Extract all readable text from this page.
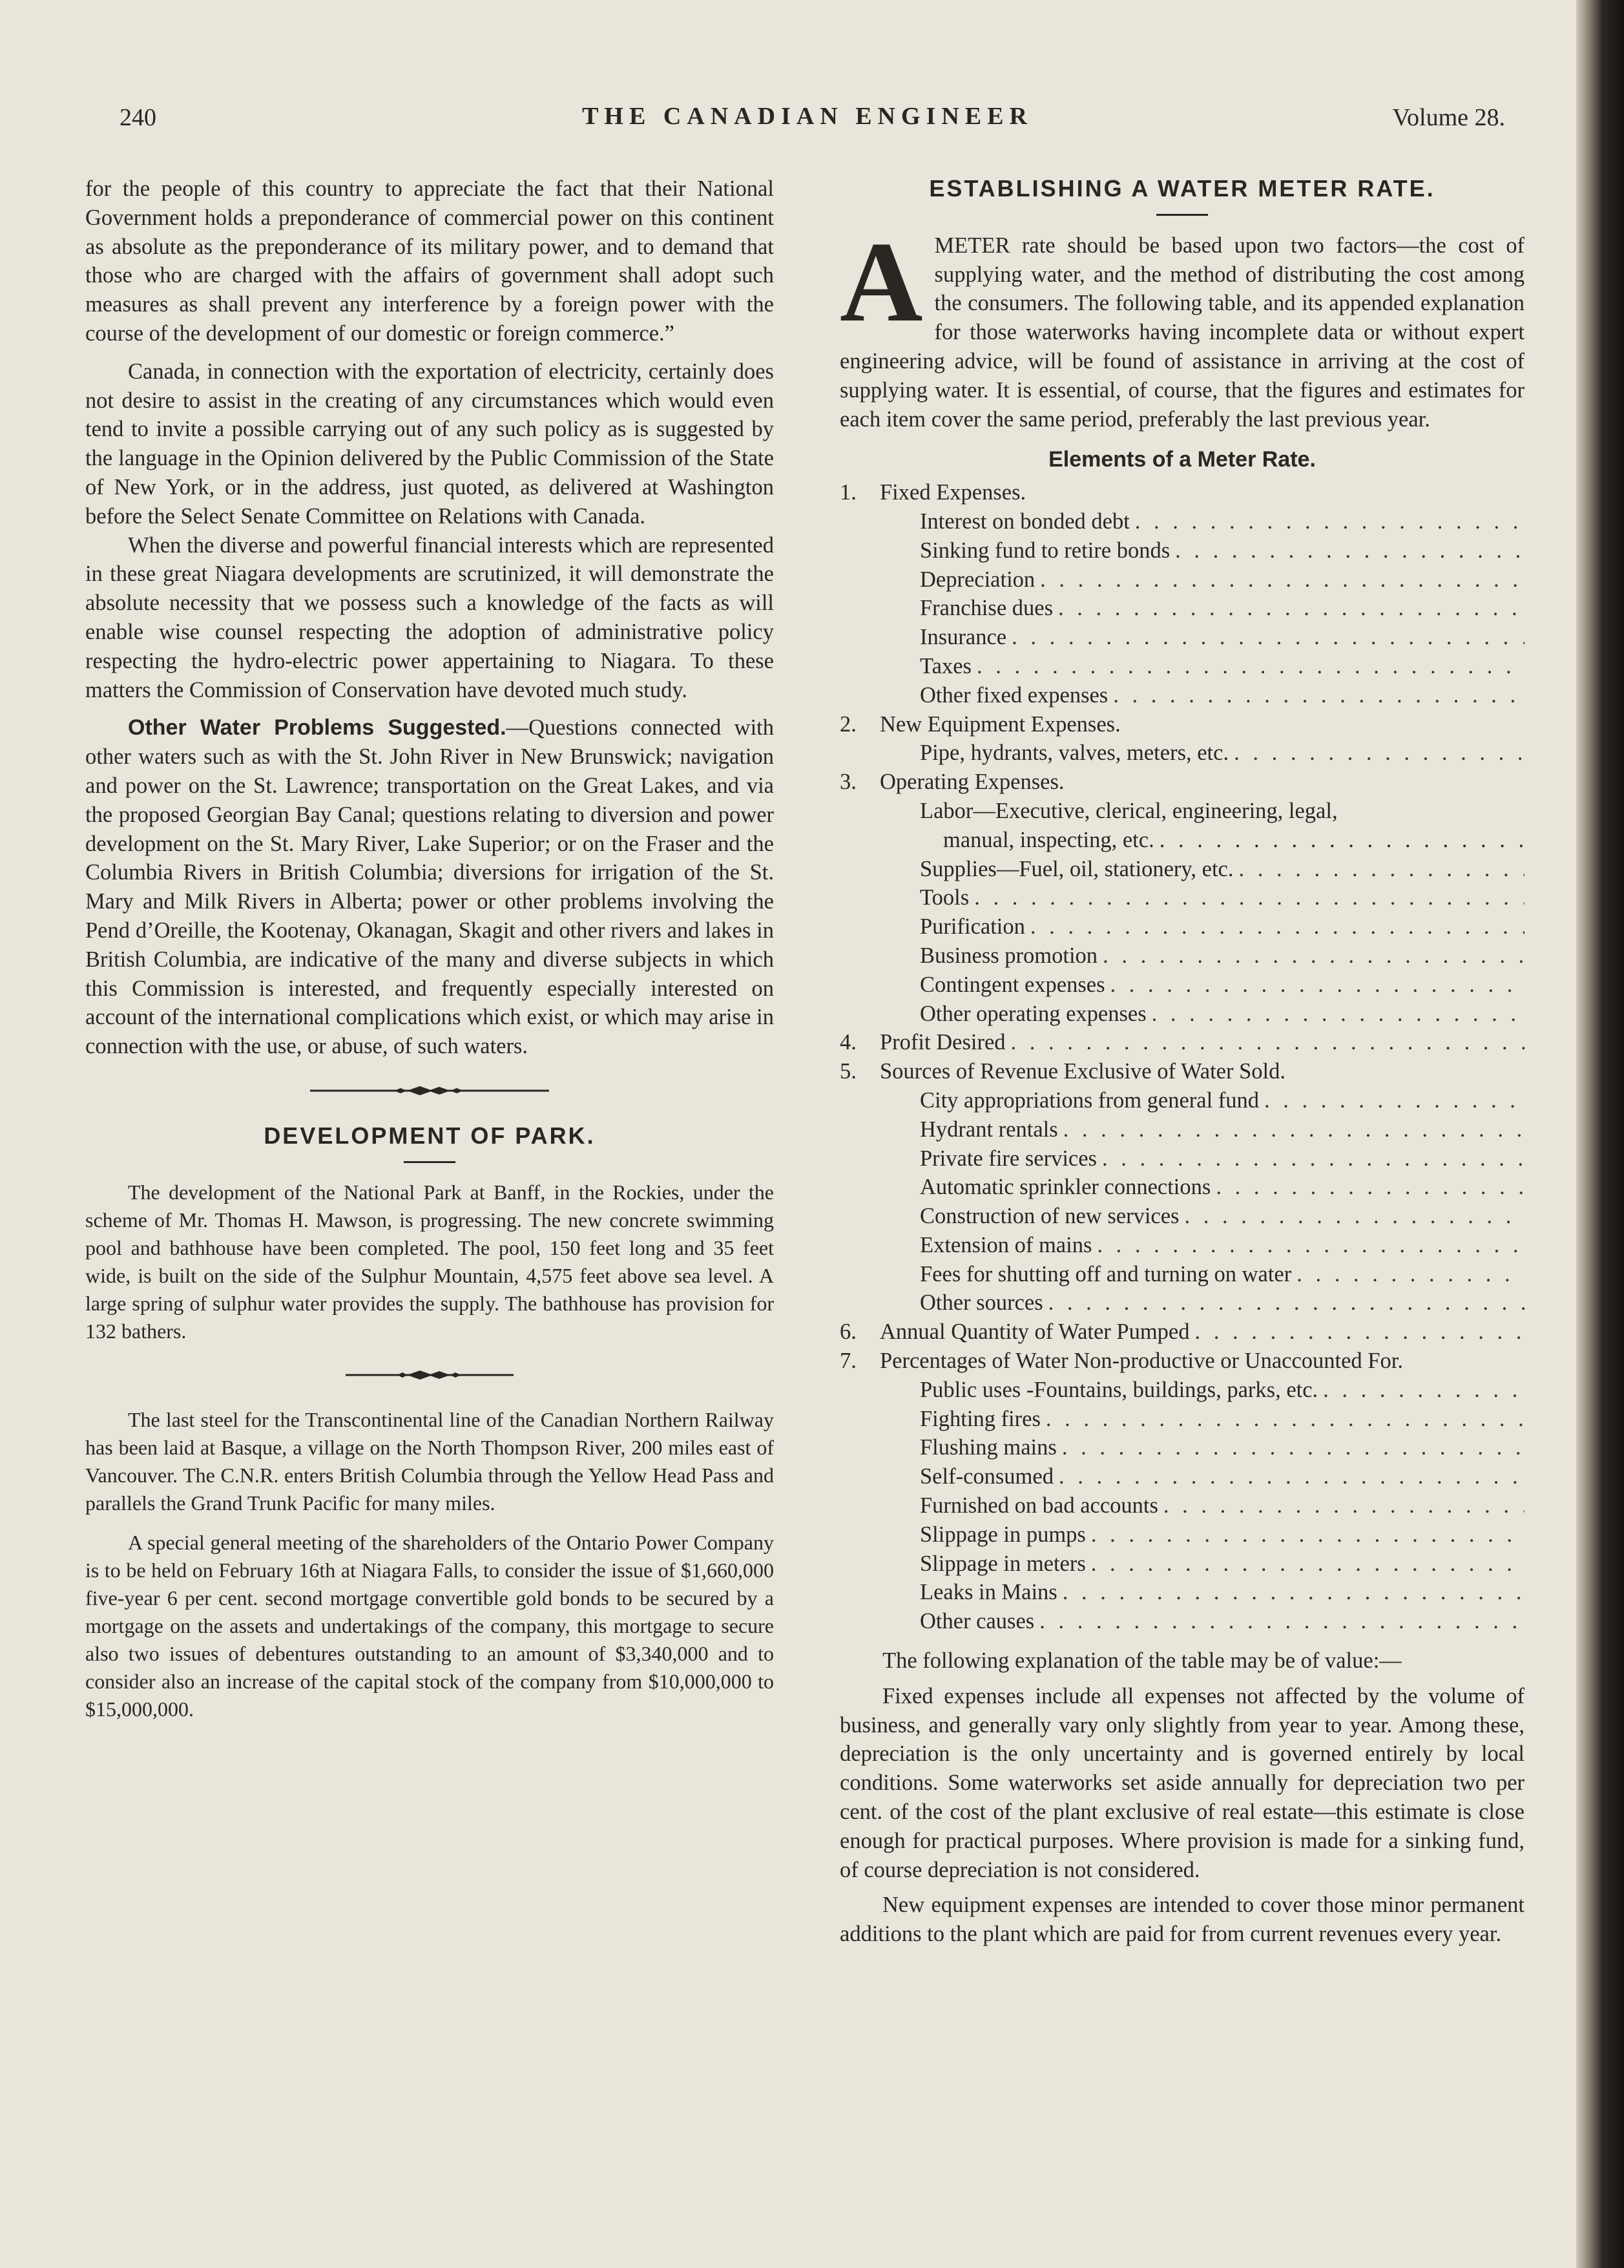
240	THE CANADIAN ENGINEER	Volume 28.

for the people of this country to appreciate the fact that their National Government holds a preponderance of commercial power on this continent as absolute as the preponderance of its military power, and to demand that those who are charged with the affairs of government shall adopt such measures as shall prevent any interference by a foreign power with the course of the development of our domestic or foreign commerce.”

Canada, in connection with the exportation of electricity, certainly does not desire to assist in the creating of any circumstances which would even tend to invite a possible carrying out of any such policy as is suggested by the language in the Opinion delivered by the Public Commission of the State of New York, or in the address, just quoted, as delivered at Washington before the Select Senate Committee on Relations with Canada.

When the diverse and powerful financial interests which are represented in these great Niagara developments are scrutinized, it will demonstrate the absolute necessity that we possess such a knowledge of the facts as will enable wise counsel respecting the adoption of administrative policy respecting the hydro-electric power appertaining to Niagara. To these matters the Commission of Conservation have devoted much study.

Other Water Problems Suggested.—Questions connected with other waters such as with the St. John River in New Brunswick; navigation and power on the St. Lawrence; transportation on the Great Lakes, and via the proposed Georgian Bay Canal; questions relating to diversion and power development on the St. Mary River, Lake Superior; or on the Fraser and the Columbia Rivers in British Columbia; diversions for irrigation of the St. Mary and Milk Rivers in Alberta; power or other problems involving the Pend d’Oreille, the Kootenay, Okanagan, Skagit and other rivers and lakes in British Columbia, are indicative of the many and diverse subjects in which this Commission is interested, and frequently especially interested on account of the international complications which exist, or which may arise in connection with the use, or abuse, of such waters.

DEVELOPMENT OF PARK.

The development of the National Park at Banff, in the Rockies, under the scheme of Mr. Thomas H. Mawson, is progressing. The new concrete swimming pool and bathhouse have been completed. The pool, 150 feet long and 35 feet wide, is built on the side of the Sulphur Mountain, 4,575 feet above sea level. A large spring of sulphur water provides the supply. The bathhouse has provision for 132 bathers.

The last steel for the Transcontinental line of the Canadian Northern Railway has been laid at Basque, a village on the North Thompson River, 200 miles east of Vancouver. The C.N.R. enters British Columbia through the Yellow Head Pass and parallels the Grand Trunk Pacific for many miles.

A special general meeting of the shareholders of the Ontario Power Company is to be held on February 16th at Niagara Falls, to consider the issue of $1,660,000 five-year 6 per cent. second mortgage convertible gold bonds to be secured by a mortgage on the assets and undertakings of the company, this mortgage to secure also two issues of debentures outstanding to an amount of $3,340,000 and to consider also an increase of the capital stock of the company from $10,000,000 to $15,000,000.

ESTABLISHING A WATER METER RATE.
A METER rate should be based upon two factors—the cost of supplying water, and the method of distributing the cost among the consumers. The following table, and its appended explanation for those waterworks having incomplete data or without expert engineering advice, will be found of assistance in arriving at the cost of supplying water. It is essential, of course, that the figures and estimates for each item cover the same period, preferably the last previous year.

Elements of a Meter Rate.
1.	Fixed Expenses.
Interest on bonded debt
. . .
Sinking fund to retire bonds
. . .
Depreciation
. . .
Franchise dues
. . .
Insurance
. . .
Taxes
. . .
Other fixed expenses
. . .
2.	New Equipment Expenses.
Pipe, hydrants, valves, meters, etc.
. . .
3.	Operating Expenses.
Labor—Executive, clerical, engineering, legal,
manual, inspecting, etc.
. . .
Supplies—Fuel, oil, stationery, etc.
. . .
Tools
. . .
Purification
. . .
Business promotion
. . .
Contingent expenses
. . .
Other operating expenses
. . .
4.	Profit Desired
. . .
5.	Sources of Revenue Exclusive of Water Sold.
City appropriations from general fund
. . .
Hydrant rentals
. . .
Private fire services
. . .
Automatic sprinkler connections
. . .
Construction of new services
. . .
Extension of mains
. . .
Fees for shutting off and turning on water
. . .
Other sources
. . .
6.	Annual Quantity of Water Pumped
. . .
7.	Percentages of Water Non-productive or Unaccounted For.
Public uses -Fountains, buildings, parks, etc.
. . .
Fighting fires
. . .
Flushing mains
. . .
Self-consumed
. . .
Furnished on bad accounts
. . .
Slippage in pumps
. . .
Slippage in meters
. . .
Leaks in Mains
. . .
Other causes
. . .

The following explanation of the table may be of value:—

Fixed expenses include all expenses not affected by the volume of business, and generally vary only slightly from year to year. Among these, depreciation is the only uncertainty and is governed entirely by local conditions. Some waterworks set aside annually for depreciation two per cent. of the cost of the plant exclusive of real estate—this estimate is close enough for practical purposes. Where provision is made for a sinking fund, of course depreciation is not considered.

New equipment expenses are intended to cover those minor permanent additions to the plant which are paid for from current revenues every year.
